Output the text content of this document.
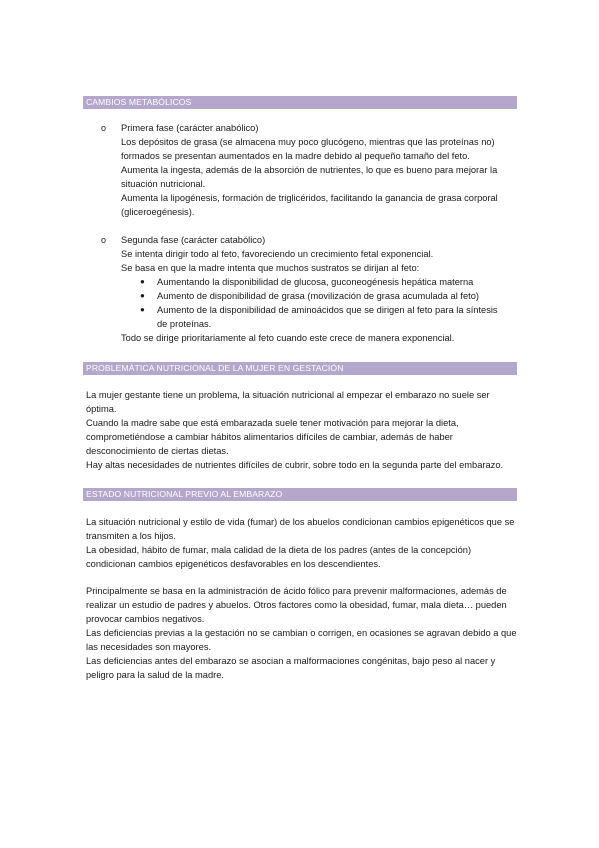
CAMBIOS METABÓLICOS
o Primera fase (carácter anabólico)
Los depósitos de grasa (se almacena muy poco glucógeno, mientras que las proteínas no)
formados se presentan aumentados en la madre debido al pequeño tamaño del feto.
Aumenta la ingesta, además de la absorción de nutrientes, lo que es bueno para mejorar la
situación nutricional.
Aumenta la lipogénesis, formación de triglicéridos, facilitando la ganancia de grasa corporal
(gliceroegénesis).
o Segunda fase (carácter catabólico)
Se intenta dirigir todo al feto, favoreciendo un crecimiento fetal exponencial.
Se basa en que la madre intenta que muchos sustratos se dirijan al feto:
● Aumentando la disponibilidad de glucosa, guconeogénesis hepática materna
● Aumento de disponibilidad de grasa (movilización de grasa acumulada al feto)
● Aumento de la disponibilidad de aminoácidos que se dirigen al feto para la síntesis
de proteínas.
Todo se dirige prioritariamente al feto cuando este crece de manera exponencial.
PROBLEMÁTICA NUTRICIONAL DE LA MUJER EN GESTACIÓN
La mujer gestante tiene un problema, la situación nutricional al empezar el embarazo no suele ser
óptima.
Cuando la madre sabe que está embarazada suele tener motivación para mejorar la dieta,
comprometiéndose a cambiar hábitos alimentarios difíciles de cambiar, además de haber
desconocimiento de ciertas dietas.
Hay altas necesidades de nutrientes difíciles de cubrir, sobre todo en la segunda parte del embarazo.
ESTADO NUTRICIONAL PREVIO AL EMBARAZO
La situación nutricional y estilo de vida (fumar) de los abuelos condicionan cambios epigenéticos que se
transmiten a los hijos.
La obesidad, hábito de fumar, mala calidad de la dieta de los padres (antes de la concepción)
condicionan cambios epigenéticos desfavorables en los descendientes.
Principalmente se basa en la administración de ácido fólico para prevenir malformaciones, además de
realizar un estudio de padres y abuelos. Otros factores como la obesidad, fumar, mala dieta… pueden
provocar cambios negativos.
Las deficiencias previas a la gestación no se cambian o corrigen, en ocasiones se agravan debido a que
las necesidades son mayores.
Las deficiencias antes del embarazo se asocian a malformaciones congénitas, bajo peso al nacer y
peligro para la salud de la madre.
